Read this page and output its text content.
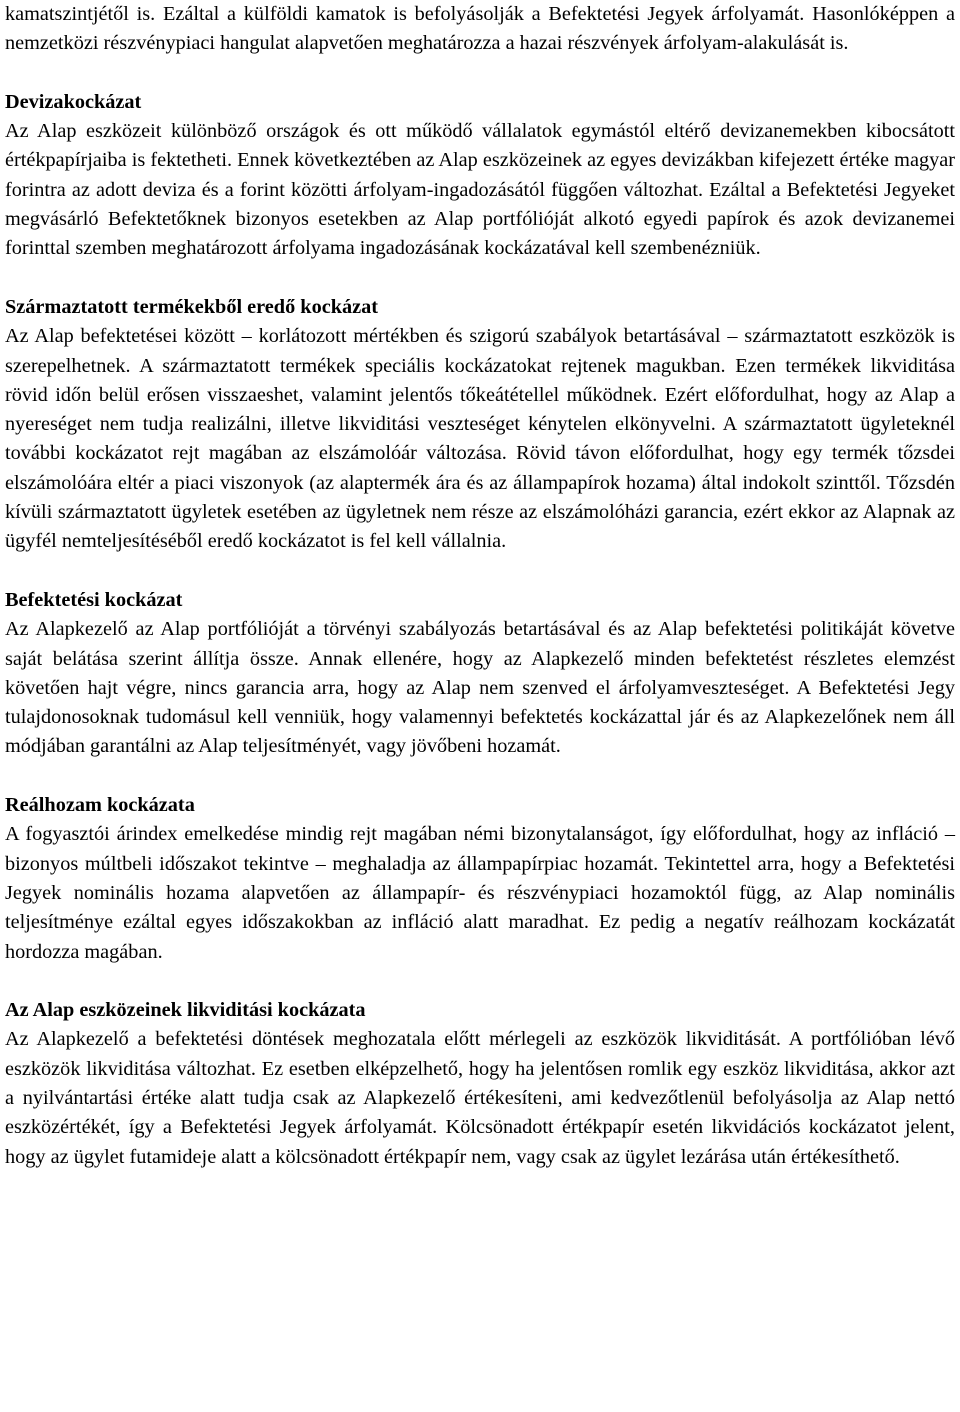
kamatszintjétől is. Ezáltal a külföldi kamatok is befolyásolják a Befektetési Jegyek árfolyamát. Hasonlóképpen a nemzetközi részvénypiaci hangulat alapvetően meghatározza a hazai részvények árfolyam-alakulását is.

Devizakockázat

Az Alap eszközeit különböző országok és ott működő vállalatok egymástól eltérő devizanemekben kibocsátott értékpapírjaiba is fektetheti. Ennek következtében az Alap eszközeinek az egyes devizákban kifejezett értéke magyar forintra az adott deviza és a forint közötti árfolyam-ingadozásától függően változhat. Ezáltal a Befektetési Jegyeket megvásárló Befektetőknek bizonyos esetekben az Alap portfólióját alkotó egyedi papírok és azok devizanemei forinttal szemben meghatározott árfolyama ingadozásának kockázatával kell szembenézniük.

Származtatott termékekből eredő kockázat

Az Alap befektetései között – korlátozott mértékben és szigorú szabályok betartásával – származtatott eszközök is szerepelhetnek. A származtatott termékek speciális kockázatokat rejtenek magukban. Ezen termékek likviditása rövid időn belül erősen visszaeshet, valamint jelentős tőkeátétellel működnek. Ezért előfordulhat, hogy az Alap a nyereséget nem tudja realizálni, illetve likviditási veszteséget kénytelen elkönyvelni. A származtatott ügyleteknél további kockázatot rejt magában az elszámolóár változása. Rövid távon előfordulhat, hogy egy termék tőzsdei elszámolóára eltér a piaci viszonyok (az alaptermék ára és az állampapírok hozama) által indokolt szinttől. Tőzsdén kívüli származtatott ügyletek esetében az ügyletnek nem része az elszámolóházi garancia, ezért ekkor az Alapnak az ügyfél nemteljesítéséből eredő kockázatot is fel kell vállalnia.

Befektetési kockázat

Az Alapkezelő az Alap portfólióját a törvényi szabályozás betartásával és az Alap befektetési politikáját követve saját belátása szerint állítja össze. Annak ellenére, hogy az Alapkezelő minden befektetést részletes elemzést követően hajt végre, nincs garancia arra, hogy az Alap nem szenved el árfolyamveszteséget. A Befektetési Jegy tulajdonosoknak tudomásul kell venniük, hogy valamennyi befektetés kockázattal jár és az Alapkezelőnek nem áll módjában garantálni az Alap teljesítményét, vagy jövőbeni hozamát.

Reálhozam kockázata

A fogyasztói árindex emelkedése mindig rejt magában némi bizonytalanságot, így előfordulhat, hogy az infláció – bizonyos múltbeli időszakot tekintve – meghaladja az állampapírpiac hozamát. Tekintettel arra, hogy a Befektetési Jegyek nominális hozama alapvetően az állampapír- és részvénypiaci hozamoktól függ, az Alap nominális teljesítménye ezáltal egyes időszakokban az infláció alatt maradhat. Ez pedig a negatív reálhozam kockázatát hordozza magában.

Az Alap eszközeinek likviditási kockázata

Az Alapkezelő a befektetési döntések meghozatala előtt mérlegeli az eszközök likviditását. A portfólióban lévő eszközök likviditása változhat. Ez esetben elképzelhető, hogy ha jelentősen romlik egy eszköz likviditása, akkor azt a nyilvántartási értéke alatt tudja csak az Alapkezelő értékesíteni, ami kedvezőtlenül befolyásolja az Alap nettó eszközértékét, így a Befektetési Jegyek árfolyamát. Kölcsönadott értékpapír esetén likvidációs kockázatot jelent, hogy az ügylet futamideje alatt a kölcsönadott értékpapír nem, vagy csak az ügylet lezárása után értékesíthető.
